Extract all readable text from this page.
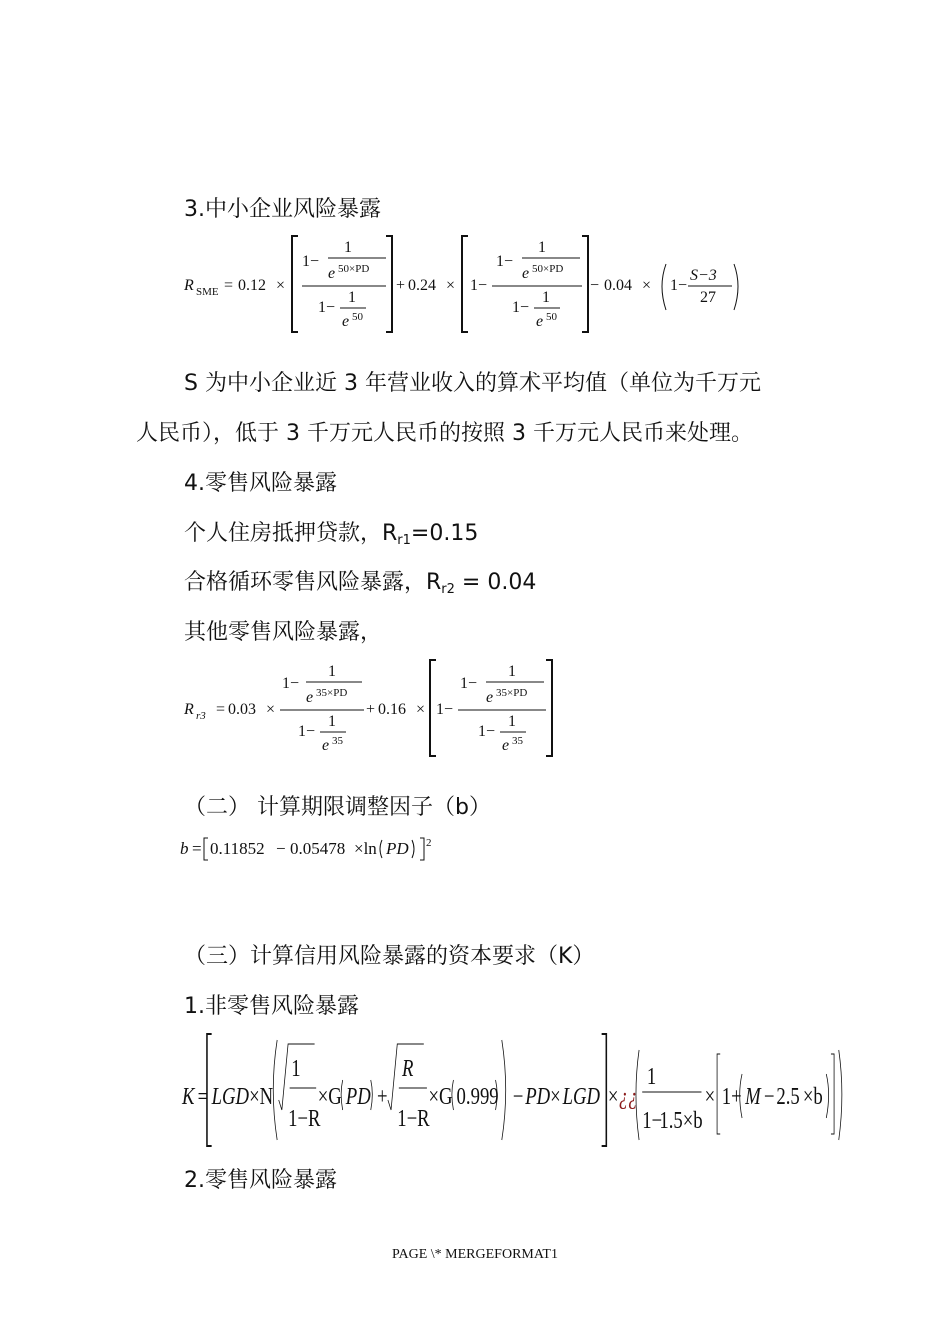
3.中小企业风险暴露
R SME = 0.12 ×
1−
1
e 50×PD
1−
1
e 50
+ 0.24 × 1−
1−
1
e 50×PD
1−
1
e 50
− 0.04 × 1−
S−3
27
S 为中小企业近 3 年营业收入的算术平均值（单位为千万元
人民币），低于 3 千万元人民币的按照 3 千万元人民币来处理。
4.零售风险暴露
个人住房抵押贷款，$R_{r1}=0.15$
合格循环零售风险暴露，$R_{r2} = 0.04$
其他零售风险暴露，
R r3 = 0.03 ×
1−
1
e 35×PD
1−
1
e 35
+ 0.16 × 1−
1−
1
e 35×PD
1−
1
e 35
（二） 计算期限调整因子（b）
b = 0.11852 − 0.05478 ×ln PD 2
（三）计算信用风险暴露的资本要求（K）
1.非零售风险暴露
K = LGD ×N
1
1−R
×G PD +
R
1−R
×G 0.999 − PD × LGD × ¿¿
1
1−
1.5 ×b
× 1+ M − 2.5 ×b
2.零售风险暴露
PAGE \* MERGEFORMAT1
